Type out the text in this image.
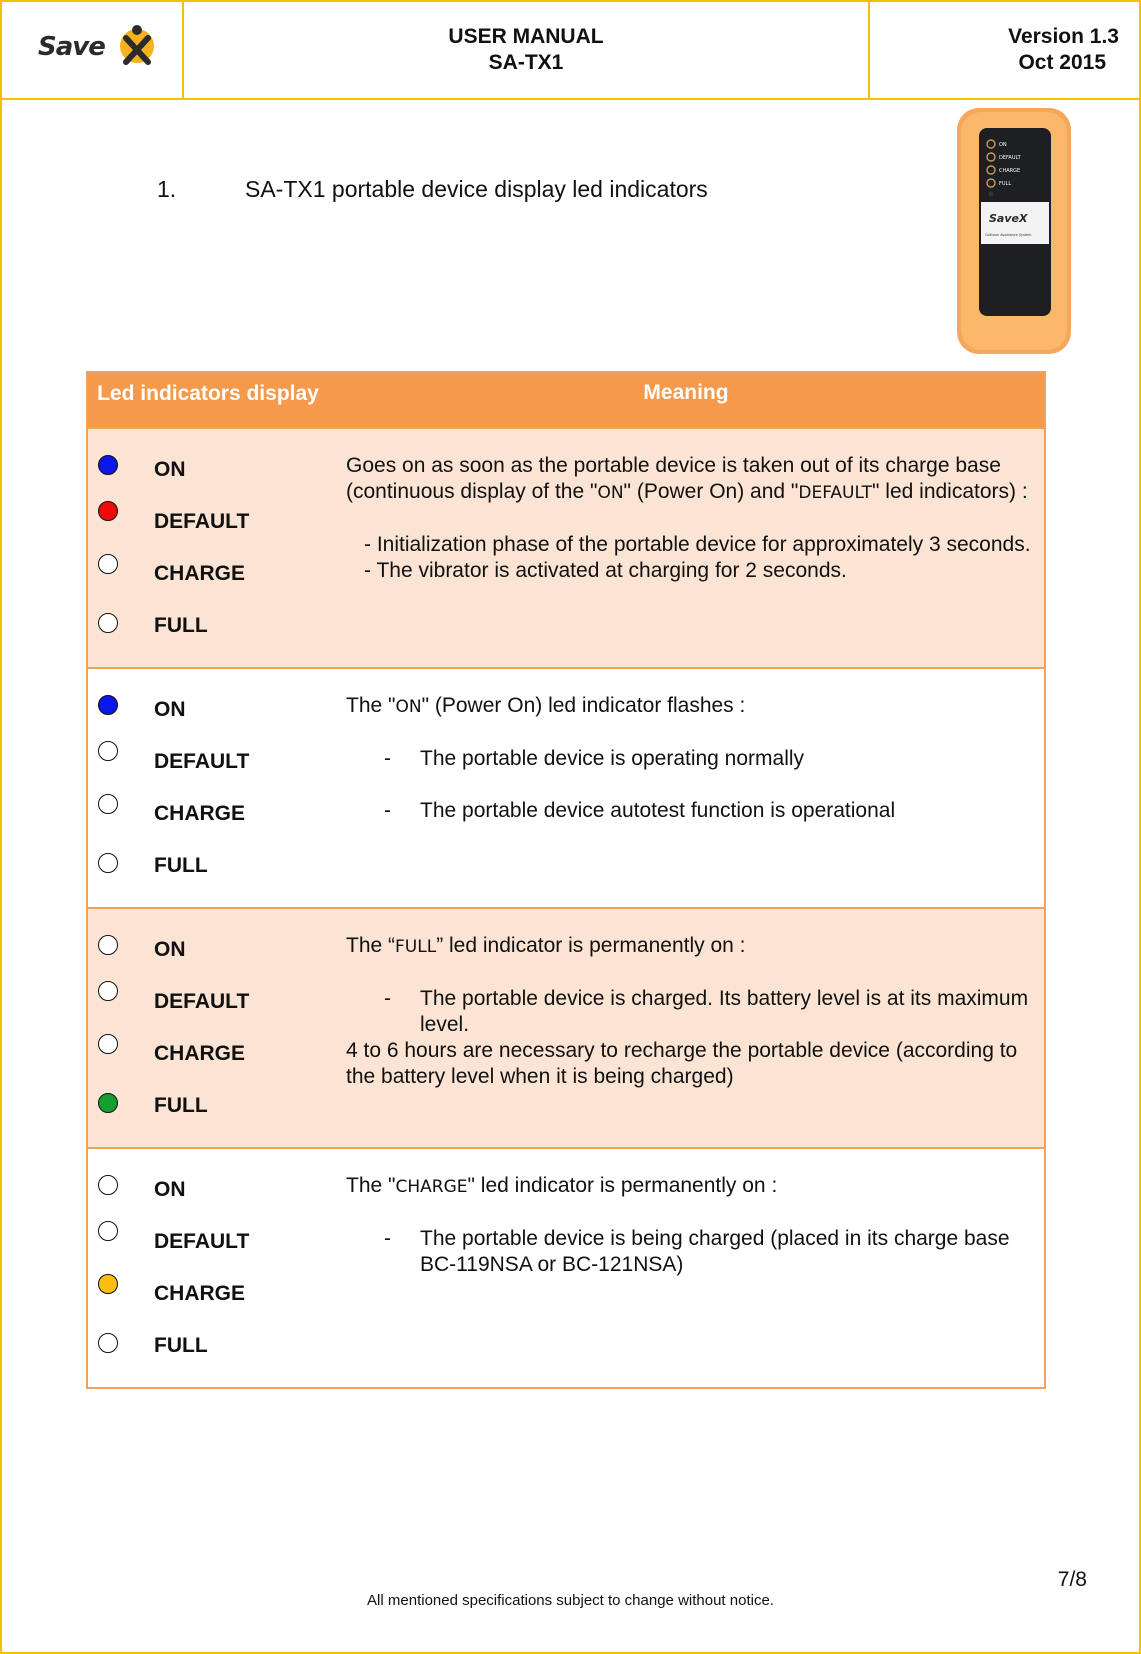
Save	USER MANUAL
SA-TX1
Version 1.3
Oct 2015
1.	SA-TX1 portable device display led indicators
ON
DEFAULT
CHARGE
FULL
SaveX
Collision Avoidance System
Led indicators display	Meaning
ON
DEFAULT
CHARGE
FULL

Goes on as soon as the portable device is taken out of its charge base (continuous display of the "ON" (Power On) and "DEFAULT" led indicators) :

- Initialization phase of the portable device for approximately 3 seconds.

- The vibrator is activated at charging for 2 seconds.

ON
DEFAULT
CHARGE
FULL

The "ON" (Power On) led indicator flashes :

- The portable device is operating normally

- The portable device autotest function is operational

ON
DEFAULT
CHARGE
FULL

The “FULL” led indicator is permanently on :

- The portable device is charged. Its battery level is at its maximum level.

4 to 6 hours are necessary to recharge the portable device (according to the battery level when it is being charged)

ON
DEFAULT
CHARGE
FULL

The "CHARGE" led indicator is permanently on :

- The portable device is being charged (placed in its charge base BC-119NSA or BC-121NSA)

7/8
All mentioned specifications subject to change without notice.
